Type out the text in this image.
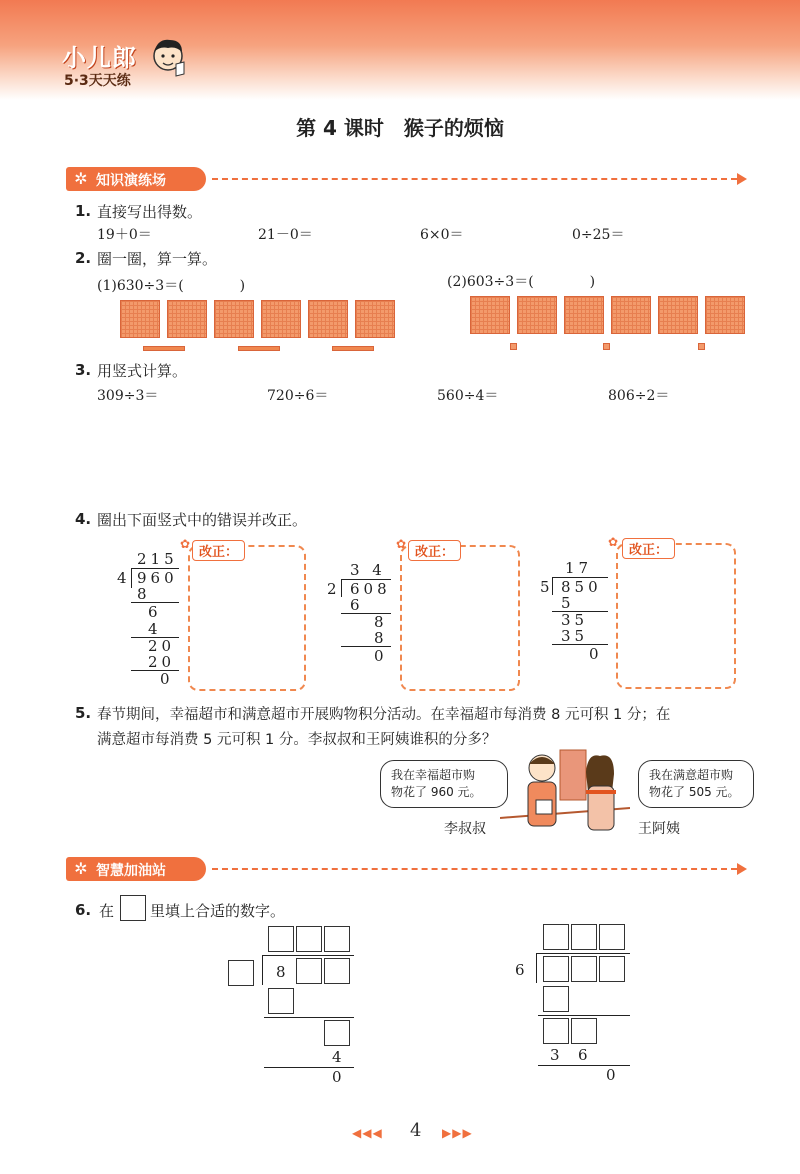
小儿郎
5·3天天练
第 4 课时　猴子的烦恼
知识演练场
✲
1. 直接写出得数。
19＋0＝	21－0＝	6×0＝	0÷25＝
2. 圈一圈，算一算。
(1)630÷3＝(　　　　)	(2)603÷3＝(　　　　)
3. 用竖式计算。
309÷3＝	720÷6＝	560÷4＝	806÷2＝
4. 圈出下面竖式中的错误并改正。
215
4 960
8
6
4
20
20
0
改正：
✿
3 4
2 608
6
8
8
0
改正：
✿
17
5 850
5
35
35
0
改正：
✿
5. 春节期间，幸福超市和满意超市开展购物积分活动。在幸福超市每消费 8 元可积 1 分；在
满意超市每消费 5 元可积 1 分。李叔叔和王阿姨谁积的分多？
我在幸福超市购
物花了 960 元。
我在满意超市购
物花了 505 元。
李叔叔	王阿姨
智慧加油站
✲
6. 在 里填上合适的数字。
8
4
0
6
3 6
0
◀◀◀ 4 ▶▶▶
